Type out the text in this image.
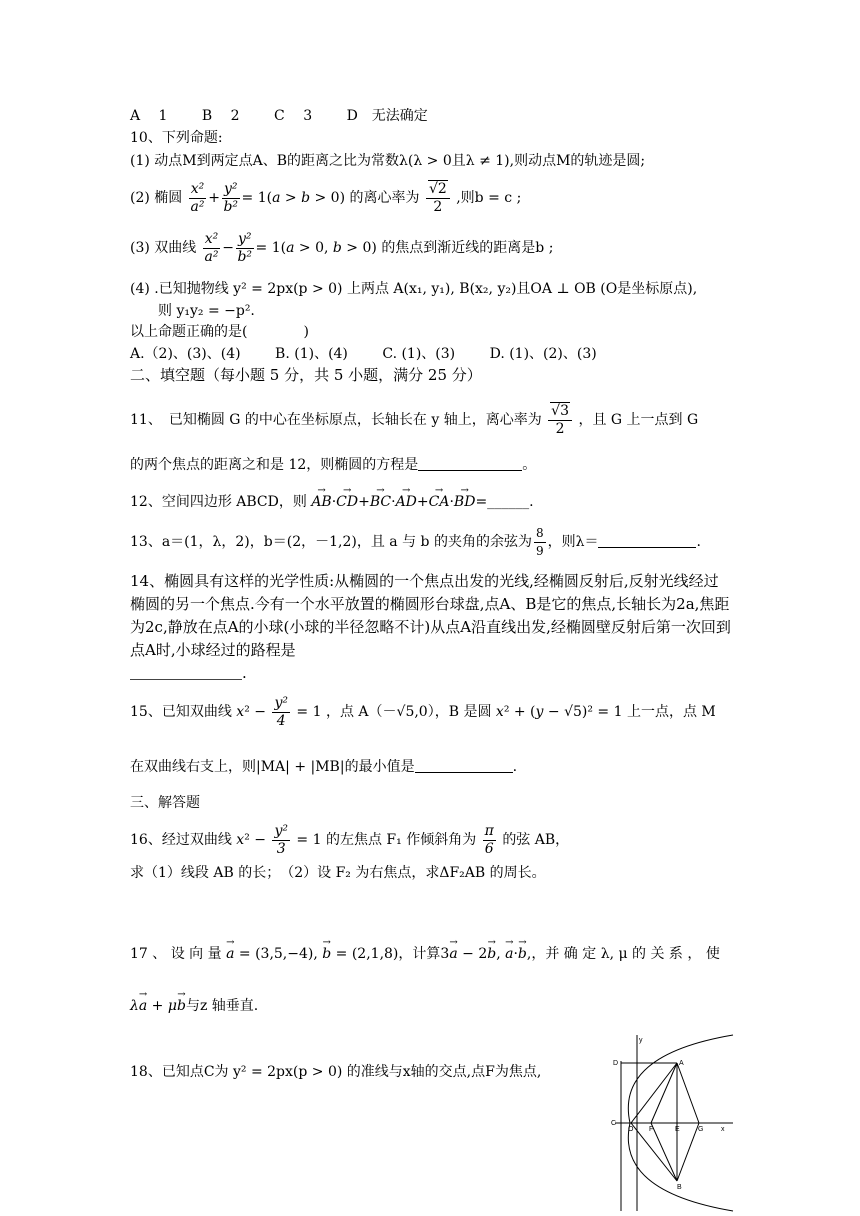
A　 1 B　 2 C　 3 D　无法确定
10、下列命题:
(1) 动点M到两定点A、B的距离之比为常数λ(λ > 0且λ ≠ 1),则动点M的轨迹是圆;
(2) 椭圆 $\frac{\text{x²}}{\text{a²}} + \frac{\text{y²}}{\text{b²}} = 1(a > b > 0)$ 的离心率为 $\frac{√2}{2}$ ,则b = c ;
(3) 双曲线 $\frac{\text{x²}}{\text{a²}} - \frac{\text{y²}}{\text{b²}} = 1(a > 0$, b > 0) 的焦点到渐近线的距离是b ;
(4) .已知抛物线 y² = 2px(p > 0) 上两点 A(x₁, y₁), B(x₂, y₂)且OA ⊥ OB (O是坐标原点),
则 y₁y₂ = −p².
以上命题正确的是(　　　　)
A.（2)、(3)、(4) B. (1)、(4) C. (1)、(3) D. (1)、(2)、(3)
二、填空题（每小题 5 分，共 5 小题，满分 25 分）
11、　已知椭圆 G 的中心在坐标原点，长轴长在 y 轴上，离心率为 $\frac{√3}{2}$ ，且 G 上一点到 G
的两个焦点的距离之和是 12，则椭圆的方程是	。
12、空间四边形 ABCD，则 → AB·→ CD+→ BC·→ AD+→ CA·→ BD=______.
13、a＝(1，λ，2)，b＝(2，－1,2)，且 a 与 b 的夹角的余弦为 $\frac{8}{9}$ ，则λ＝	.
14、椭圆具有这样的光学性质:从椭圆的一个焦点出发的光线,经椭圆反射后,反射光线经过椭圆的另一个焦点.今有一个水平放置的椭圆形台球盘,点A、B是它的焦点,长轴长为2a,焦距为2c,静放在点A的小球(小球的半径忽略不计)从点A沿直线出发,经椭圆壁反射后第一次回到点A时,小球经过的路程是
.
15、已知双曲线 $x^2 - \frac{\text{y²}}{4} = 1$ ，点 A（－√5,0），B 是圆 x² + (y − √5)² = 1 上一点，点 M
在双曲线右支上，则|MA| + |MB|的最小值是	.
三、解答题
16、经过双曲线 $x^2 - \frac{\text{y²}}{3} = 1$ 的左焦点 F₁ 作倾斜角为 $\frac{\pi}{6}$ 的弦 AB，
求（1）线段 AB 的长；　（2）设 F₂ 为右焦点，求ΔF₂AB 的周长。
17 、 设 向 量 → a = (3,5,−4), → b = (2,1,8)，计算3→ a − 2→ b, → a·→ b,，并 确 定 λ, μ 的 关 系 ， 使
λ→ a + μ→ b与z 轴垂直.
18、已知点C为 y² = 2px(p > 0) 的准线与x轴的交点,点F为焦点,
D	A
C
O F	E	G	x
y
B
